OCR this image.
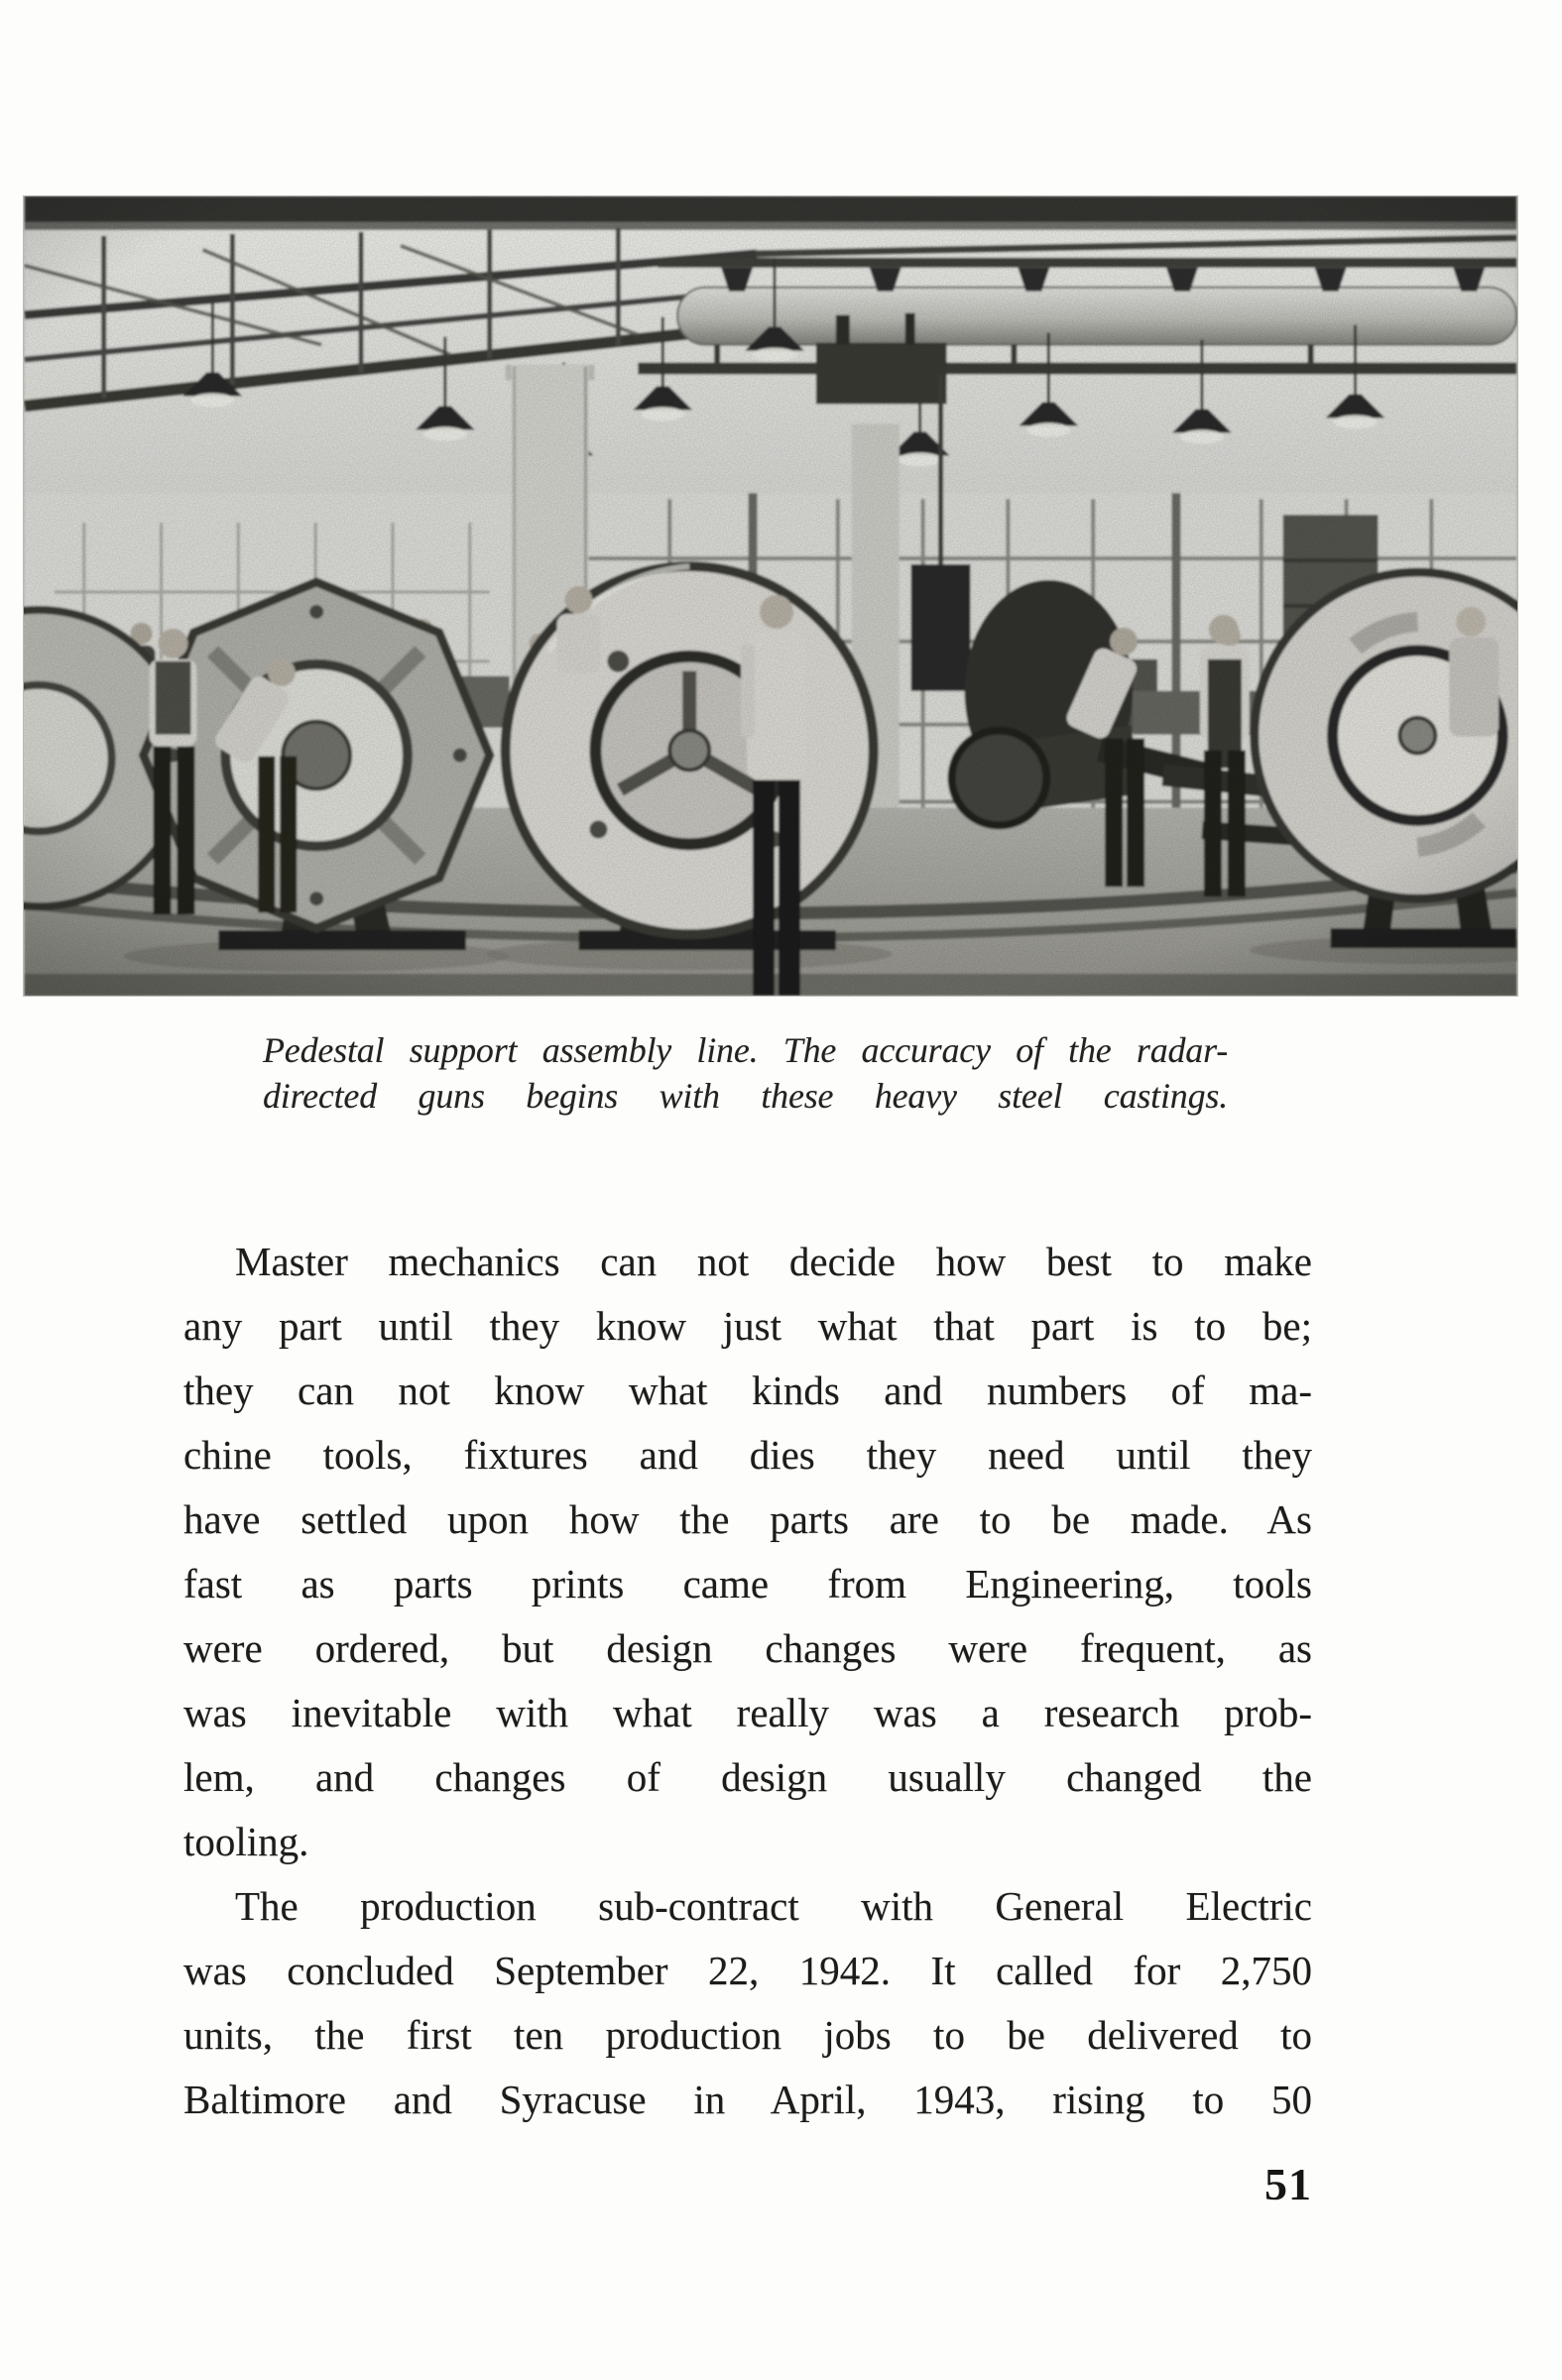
Pedestal support assembly line. The accuracy of the radar-
directed guns begins with these heavy steel castings.
Master mechanics can not decide how best to make
any part until they know just what that part is to be;
they can not know what kinds and numbers of ma-
chine tools, fixtures and dies they need until they
have settled upon how the parts are to be made. As
fast as parts prints came from Engineering, tools
were ordered, but design changes were frequent, as
was inevitable with what really was a research prob-
lem, and changes of design usually changed the
tooling.
The production sub-contract with General Electric
was concluded September 22, 1942. It called for 2,750
units, the first ten production jobs to be delivered to
Baltimore and Syracuse in April, 1943, rising to 50
51
